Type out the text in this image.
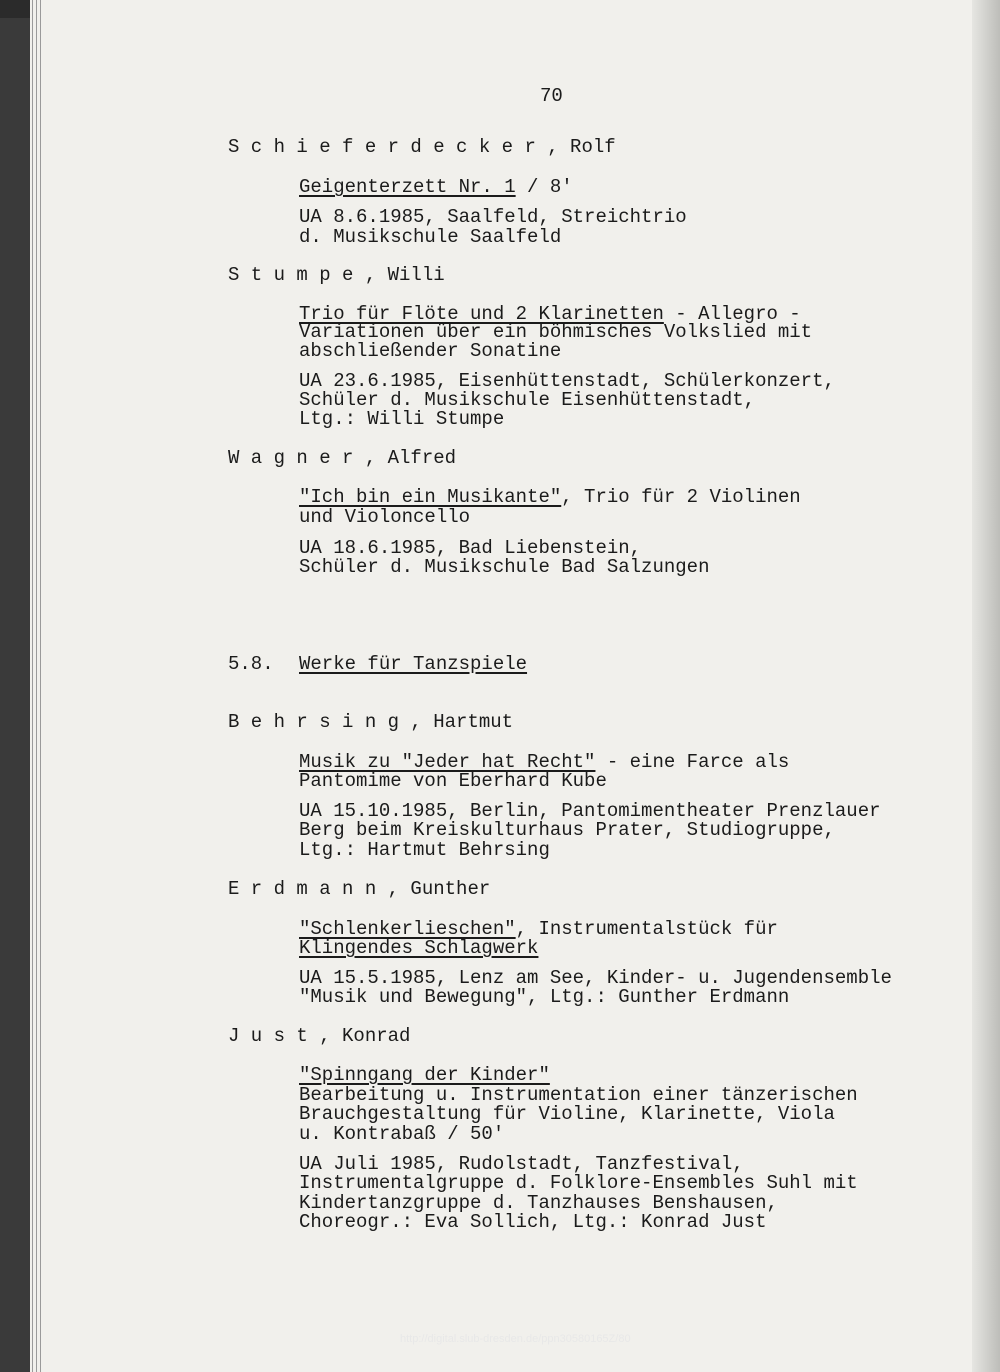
70
S c h i e f e r d e c k e r , Rolf
Geigenterzett Nr. 1 / 8'
UA 8.6.1985, Saalfeld, Streichtrio
d. Musikschule Saalfeld
S t u m p e , Willi
Trio für Flöte und 2 Klarinetten - Allegro -
Variationen über ein böhmisches Volkslied mit
abschließender Sonatine
UA 23.6.1985, Eisenhüttenstadt, Schülerkonzert,
Schüler d. Musikschule Eisenhüttenstadt,
Ltg.: Willi Stumpe
W a g n e r , Alfred
"Ich bin ein Musikante", Trio für 2 Violinen
und Violoncello
UA 18.6.1985, Bad Liebenstein,
Schüler d. Musikschule Bad Salzungen
5.8. Werke für Tanzspiele
B e h r s i n g , Hartmut
Musik zu "Jeder hat Recht" - eine Farce als
Pantomime von Eberhard Kube
UA 15.10.1985, Berlin, Pantomimentheater Prenzlauer
Berg beim Kreiskulturhaus Prater, Studiogruppe,
Ltg.: Hartmut Behrsing
E r d m a n n , Gunther
"Schlenkerlieschen", Instrumentalstück für
Klingendes Schlagwerk
UA 15.5.1985, Lenz am See, Kinder- u. Jugendensemble
"Musik und Bewegung", Ltg.: Gunther Erdmann
J u s t , Konrad
"Spinngang der Kinder"
Bearbeitung u. Instrumentation einer tänzerischen
Brauchgestaltung für Violine, Klarinette, Viola
u. Kontrabaß / 50'
UA Juli 1985, Rudolstadt, Tanzfestival,
Instrumentalgruppe d. Folklore-Ensembles Suhl mit
Kindertanzgruppe d. Tanzhauses Benshausen,
Choreogr.: Eva Sollich, Ltg.: Konrad Just
http://digital.slub-dresden.de/ppn30580165Z/80
